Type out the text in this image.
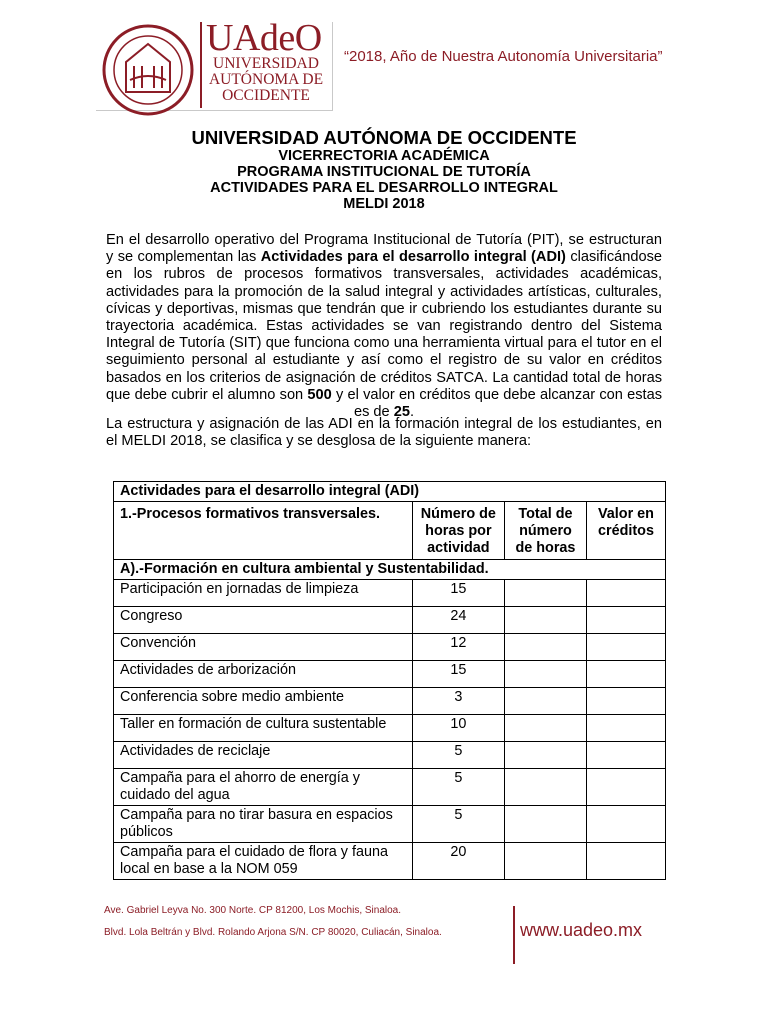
UAdeO
UNIVERSIDAD AUTÓNOMA DE OCCIDENTE
“2018, Año de Nuestra Autonomía Universitaria”
UNIVERSIDAD AUTÓNOMA DE OCCIDENTE
VICERRECTORIA ACADÉMICA
PROGRAMA INSTITUCIONAL DE TUTORÍA
ACTIVIDADES PARA EL DESARROLLO INTEGRAL
MELDI 2018

En el desarrollo operativo del Programa Institucional de Tutoría (PIT), se estructuran y se complementan las Actividades para el desarrollo integral (ADI) clasificándose en los rubros de procesos formativos transversales, actividades académicas, actividades para la promoción de la salud integral y actividades artísticas, culturales, cívicas y deportivas, mismas que tendrán que ir cubriendo los estudiantes durante su trayectoria académica. Estas actividades se van registrando dentro del Sistema Integral de Tutoría (SIT) que funciona como una herramienta virtual para el tutor en el seguimiento personal al estudiante y así como el registro de su valor en créditos basados en los criterios de asignación de créditos SATCA. La cantidad total de horas que debe cubrir el alumno son 500 y el valor en créditos que debe alcanzar con estas es de 25.

La estructura y asignación de las ADI en la formación integral de los estudiantes, en el MELDI 2018, se clasifica y se desglosa de la siguiente manera:
Actividades para el desarrollo integral (ADI)			
1.-Procesos formativos transversales.	Número de horas por actividad	Total de número de horas	Valor en créditos
A).-Formación en cultura ambiental y Sustentabilidad.			
Participación en jornadas de limpieza	15		
Congreso	24		
Convención	12		
Actividades de arborización	15		
Conferencia sobre medio ambiente	3		
Taller en formación de cultura sustentable	10		
Actividades de reciclaje	5		
Campaña para el ahorro de energía y cuidado del agua	5		
Campaña para no tirar basura en espacios públicos	5		
Campaña para el cuidado de flora y fauna local en base a la NOM 059	20		
Ave. Gabriel Leyva No. 300 Norte. CP 81200, Los Mochis, Sinaloa.
Blvd. Lola Beltrán y Blvd. Rolando Arjona S/N. CP 80020, Culiacán, Sinaloa.	www.uadeo.mx
